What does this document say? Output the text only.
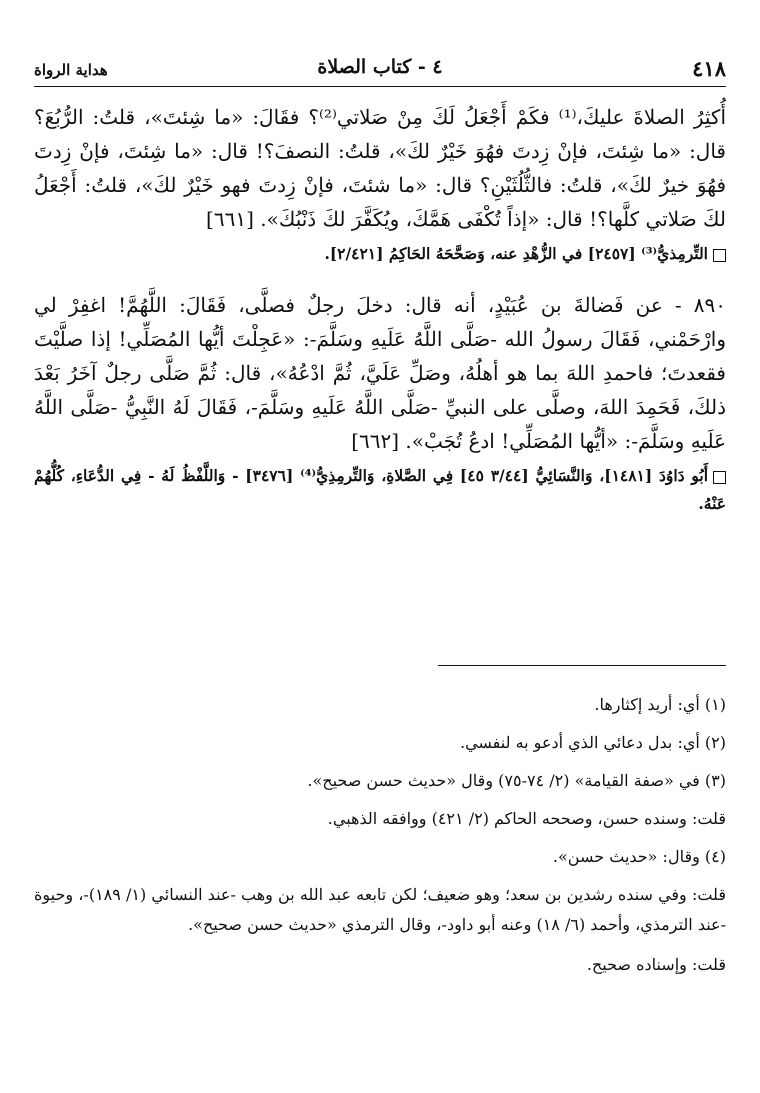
٤١٨
٤ - كتاب الصلاة
هداية الرواة

أُكثِرُ الصلاةَ عليكَ،⁽¹⁾ فكَمْ أَجْعَلُ لَكَ مِنْ صَلاتي⁽²⁾؟ فقَالَ: «ما شِئتَ»، قلتُ: الرُّبُعَ؟ قال: «ما شِئتَ، فإنْ زِدتَ فهُوَ خَيْرٌ لكَ»، قلتُ: النصفَ؟! قال: «ما شِئتَ، فإنْ زِدتَ فهُوَ خيرٌ لكَ»، قلتُ: فالثُّلُثَيْنِ؟ قال: «ما شئتَ، فإنْ زِدتَ فهو خَيْرٌ لكَ»، قلتُ: أَجْعَلُ لكَ صَلاتي كلَّها؟! قال: «إذاً تُكْفَى هَمَّكَ، ويُكَفَّرَ لكَ ذَنْبُكَ». [٦٦١]

التِّرمِذيُّ⁽³⁾ [٢٤٥٧] في الزُّهْدِ عنه، وَصَحَّحَهُ الحَاكِمُ [٢/٤٢١].

٨٩٠ - عن فَضالةَ بن عُبَيْدٍ، أنه قال: دخلَ رجلٌ فصلَّى، فَقَالَ: اللَّهُمَّ! اغفِرْ لي وارْحَمْني، فَقَالَ رسولُ الله -صَلَّى اللَّهُ عَلَيهِ وسَلَّمَ-: «عَجِلْتَ أيُّها المُصَلِّي! إذا صلَّيْتَ فقعدتَ؛ فاحمدِ اللهَ بما هو أهلُهُ، وصَلِّ عَلَيَّ، ثُمَّ ادْعُهُ»، قال: ثُمَّ صَلَّى رجلٌ آخَرُ بَعْدَ ذلكَ، فَحَمِدَ اللهَ، وصلَّى على النبيِّ -صَلَّى اللَّهُ عَلَيهِ وسَلَّمَ-، فَقَالَ لَهُ النَّبِيُّ -صَلَّى اللَّهُ عَلَيهِ وسَلَّمَ-: «أيُّها المُصَلِّي! ادعُ تُجَبْ». [٦٦٢]

أَبُو دَاوُدَ [١٤٨١]، وَالنَّسَائِيُّ [٣/٤٤ ٤٥] فِي الصَّلاةِ، وَالتِّرمِذِيُّ⁽⁴⁾ [٣٤٧٦] - وَاللَّفْظُ لَهُ - فِي الدُّعَاءِ، كُلُّهُمْ عَنْهُ.

(١) أي: أريد إكثارها.

(٢) أي: بدل دعائي الذي أدعو به لنفسي.

(٣) في «صفة القيامة» (٢/ ٧٤-٧٥) وقال «حديث حسن صحيح».

قلت: وسنده حسن، وصححه الحاكم (٢/ ٤٢١) ووافقه الذهبي.

(٤) وقال: «حديث حسن».

قلت: وفي سنده رشدين بن سعد؛ وهو ضعيف؛ لكن تابعه عبد الله بن وهب -عند النسائي (١/ ١٨٩)-، وحيوة -عند الترمذي، وأحمد (٦/ ١٨) وعنه أبو داود-، وقال الترمذي «حديث حسن صحيح».

قلت: وإسناده صحيح.
